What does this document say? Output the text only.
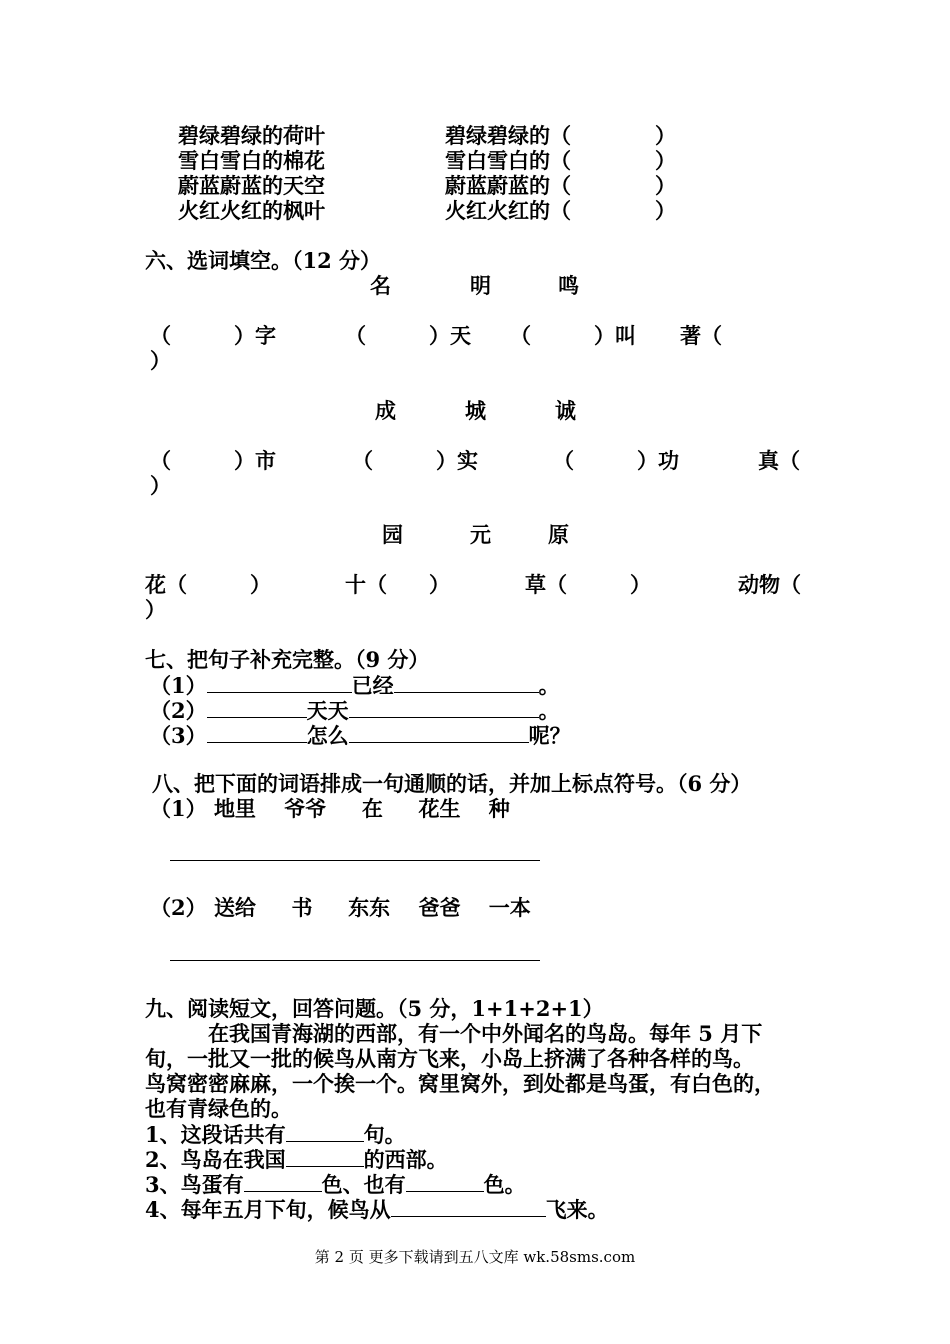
碧绿碧绿的荷叶	碧绿碧绿的（　　　　）
雪白雪白的棉花	雪白雪白的（　　　　）
蔚蓝蔚蓝的天空	蔚蓝蔚蓝的（　　　　）
火红火红的枫叶	火红火红的（　　　　）
六、选词填空。（12 分）
名	明	鸣
（　　　）字	（　　　）天 （　　　）叫 著（
）
成	城	诚
（　　　）市	（　　　）实	（　　　）功	真（
）
园	元	原
花（　　　）	十（　　）	草（　　　）	动物（
）
七、把句子补充完整。（9 分）
（1）	已经	。
（2）	天天	。
（3）	怎么	呢？
八、把下面的词语排成一句通顺的话，并加上标点符号。（6 分）
（1） 地里　 爷爷　  在　  花生　 种
（2） 送给　  书　  东东　 爸爸　 一本
九、阅读短文，回答问题。（5 分，1+1+2+1）
　　　在我国青海湖的西部，有一个中外闻名的鸟岛。每年 5 月下
旬，一批又一批的候鸟从南方飞来，小岛上挤满了各种各样的鸟。
鸟窝密密麻麻，一个挨一个。窝里窝外，到处都是鸟蛋，有白色的，
也有青绿色的。
1、这段话共有	句。
2、鸟岛在我国	的西部。
3、鸟蛋有	色、也有	色。
4、每年五月下旬，候鸟从	飞来。
第 2 页 更多下载请到五八文库 wk.58sms.com
